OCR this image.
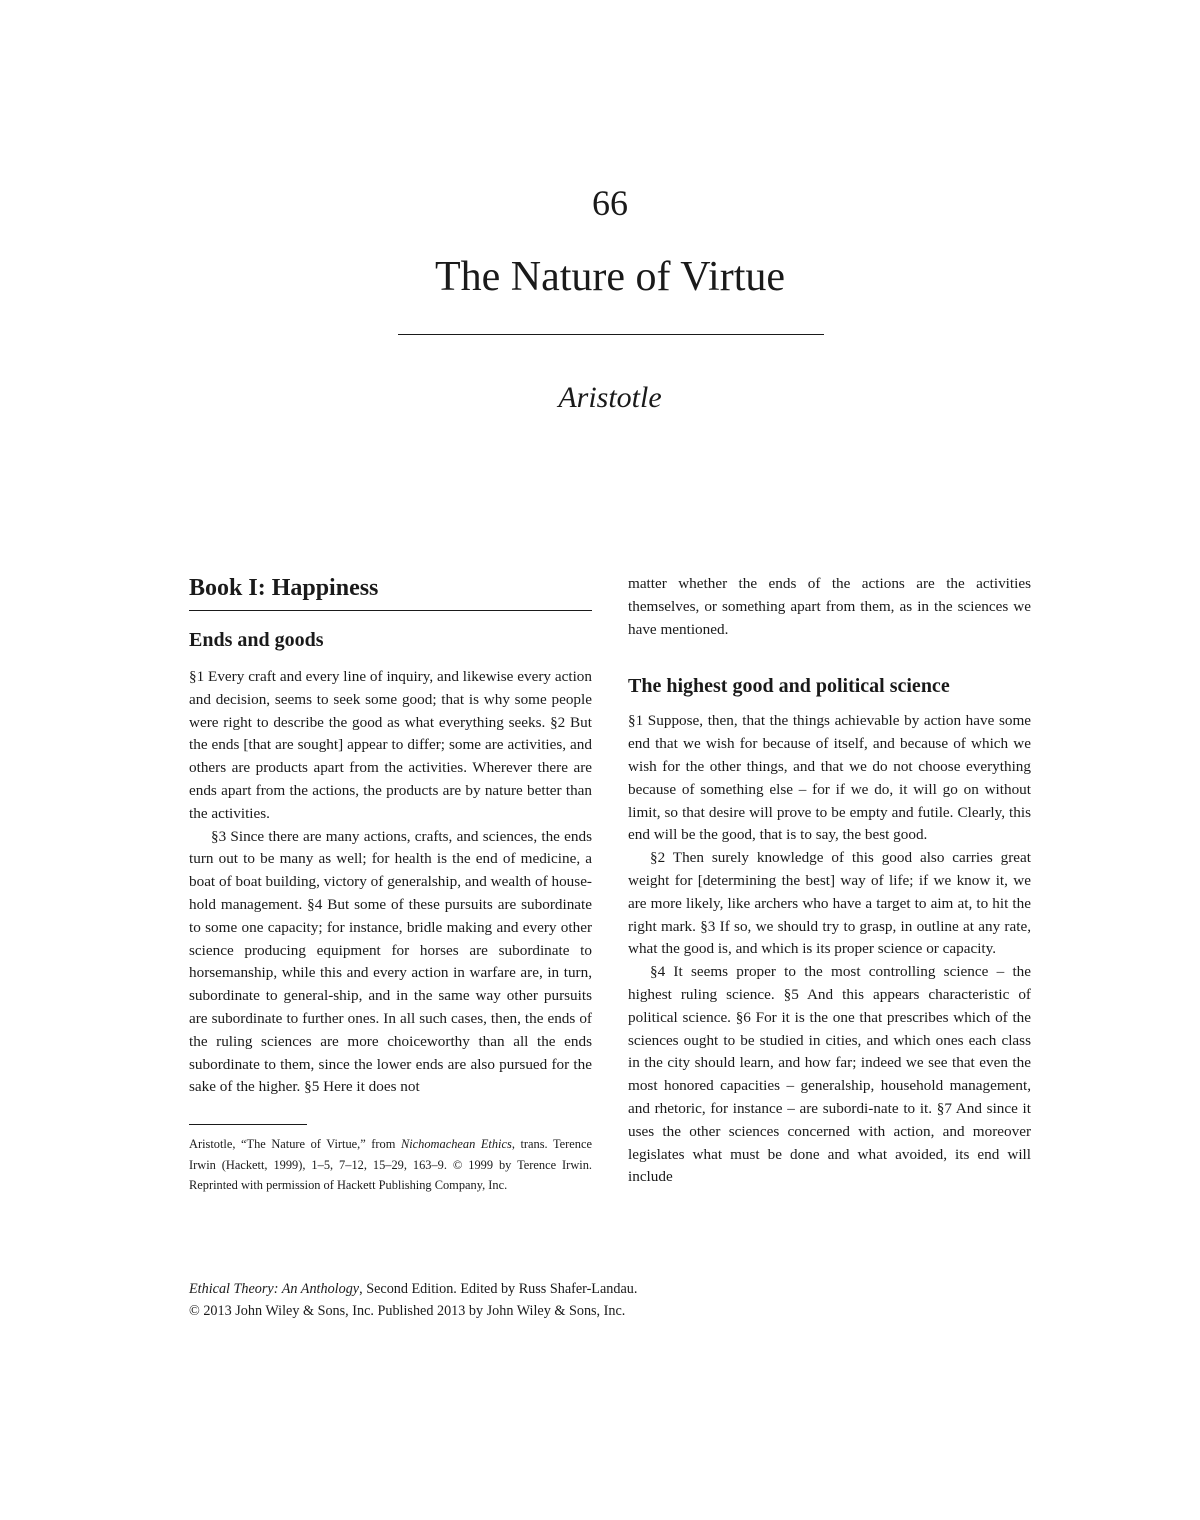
66
The Nature of Virtue
Aristotle
Book I: Happiness
Ends and goods

§1 Every craft and every line of inquiry, and likewise every action and decision, seems to seek some good; that is why some people were right to describe the good as what everything seeks. §2 But the ends [that are sought] appear to differ; some are activities, and others are products apart from the activities. Wherever there are ends apart from the actions, the products are by nature better than the activities.

§3 Since there are many actions, crafts, and sciences, the ends turn out to be many as well; for health is the end of medicine, a boat of boat building, victory of generalship, and wealth of house-hold management. §4 But some of these pursuits are subordinate to some one capacity; for instance, bridle making and every other science producing equipment for horses are subordinate to horsemanship, while this and every action in warfare are, in turn, subordinate to general-ship, and in the same way other pursuits are subordinate to further ones. In all such cases, then, the ends of the ruling sciences are more choiceworthy than all the ends subordinate to them, since the lower ends are also pursued for the sake of the higher. §5 Here it does not

Aristotle, “The Nature of Virtue,” from Nichomachean Ethics, trans. Terence Irwin (Hackett, 1999), 1–5, 7–12, 15–29, 163–9. © 1999 by Terence Irwin. Reprinted with permission of Hackett Publishing Company, Inc.

matter whether the ends of the actions are the activities themselves, or something apart from them, as in the sciences we have mentioned.

The highest good and political science

§1 Suppose, then, that the things achievable by action have some end that we wish for because of itself, and because of which we wish for the other things, and that we do not choose everything because of something else – for if we do, it will go on without limit, so that desire will prove to be empty and futile. Clearly, this end will be the good, that is to say, the best good.

§2 Then surely knowledge of this good also carries great weight for [determining the best] way of life; if we know it, we are more likely, like archers who have a target to aim at, to hit the right mark. §3 If so, we should try to grasp, in outline at any rate, what the good is, and which is its proper science or capacity.

§4 It seems proper to the most controlling science – the highest ruling science. §5 And this appears characteristic of political science. §6 For it is the one that prescribes which of the sciences ought to be studied in cities, and which ones each class in the city should learn, and how far; indeed we see that even the most honored capacities – generalship, household management, and rhetoric, for instance – are subordi-nate to it. §7 And since it uses the other sciences concerned with action, and moreover legislates what must be done and what avoided, its end will include

Ethical Theory: An Anthology, Second Edition. Edited by Russ Shafer-Landau.
© 2013 John Wiley & Sons, Inc. Published 2013 by John Wiley & Sons, Inc.
